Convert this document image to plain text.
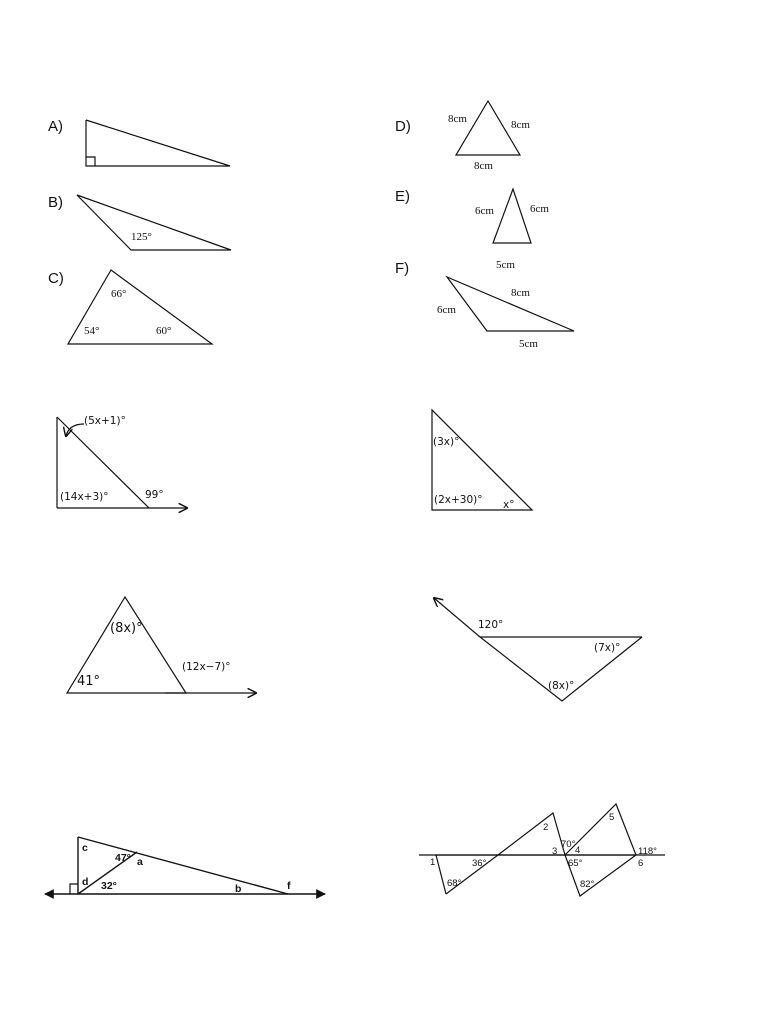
A)
B)
125°
C)
66°
54°	60°
D)	8cm	8cm
8cm
E)
6cm	6cm
5cm
F)
8cm
6cm
5cm
(5x+1)°
(14x+3)°	99°
(3x)°
(2x+30)° x°
(8x)°
41°
(12x−7)°
120°
(7x)°
(8x)°
c
47° a
d 32°	b	f
1	36°
68°
2
3
70°
4
65°
82°
5
118°
6
